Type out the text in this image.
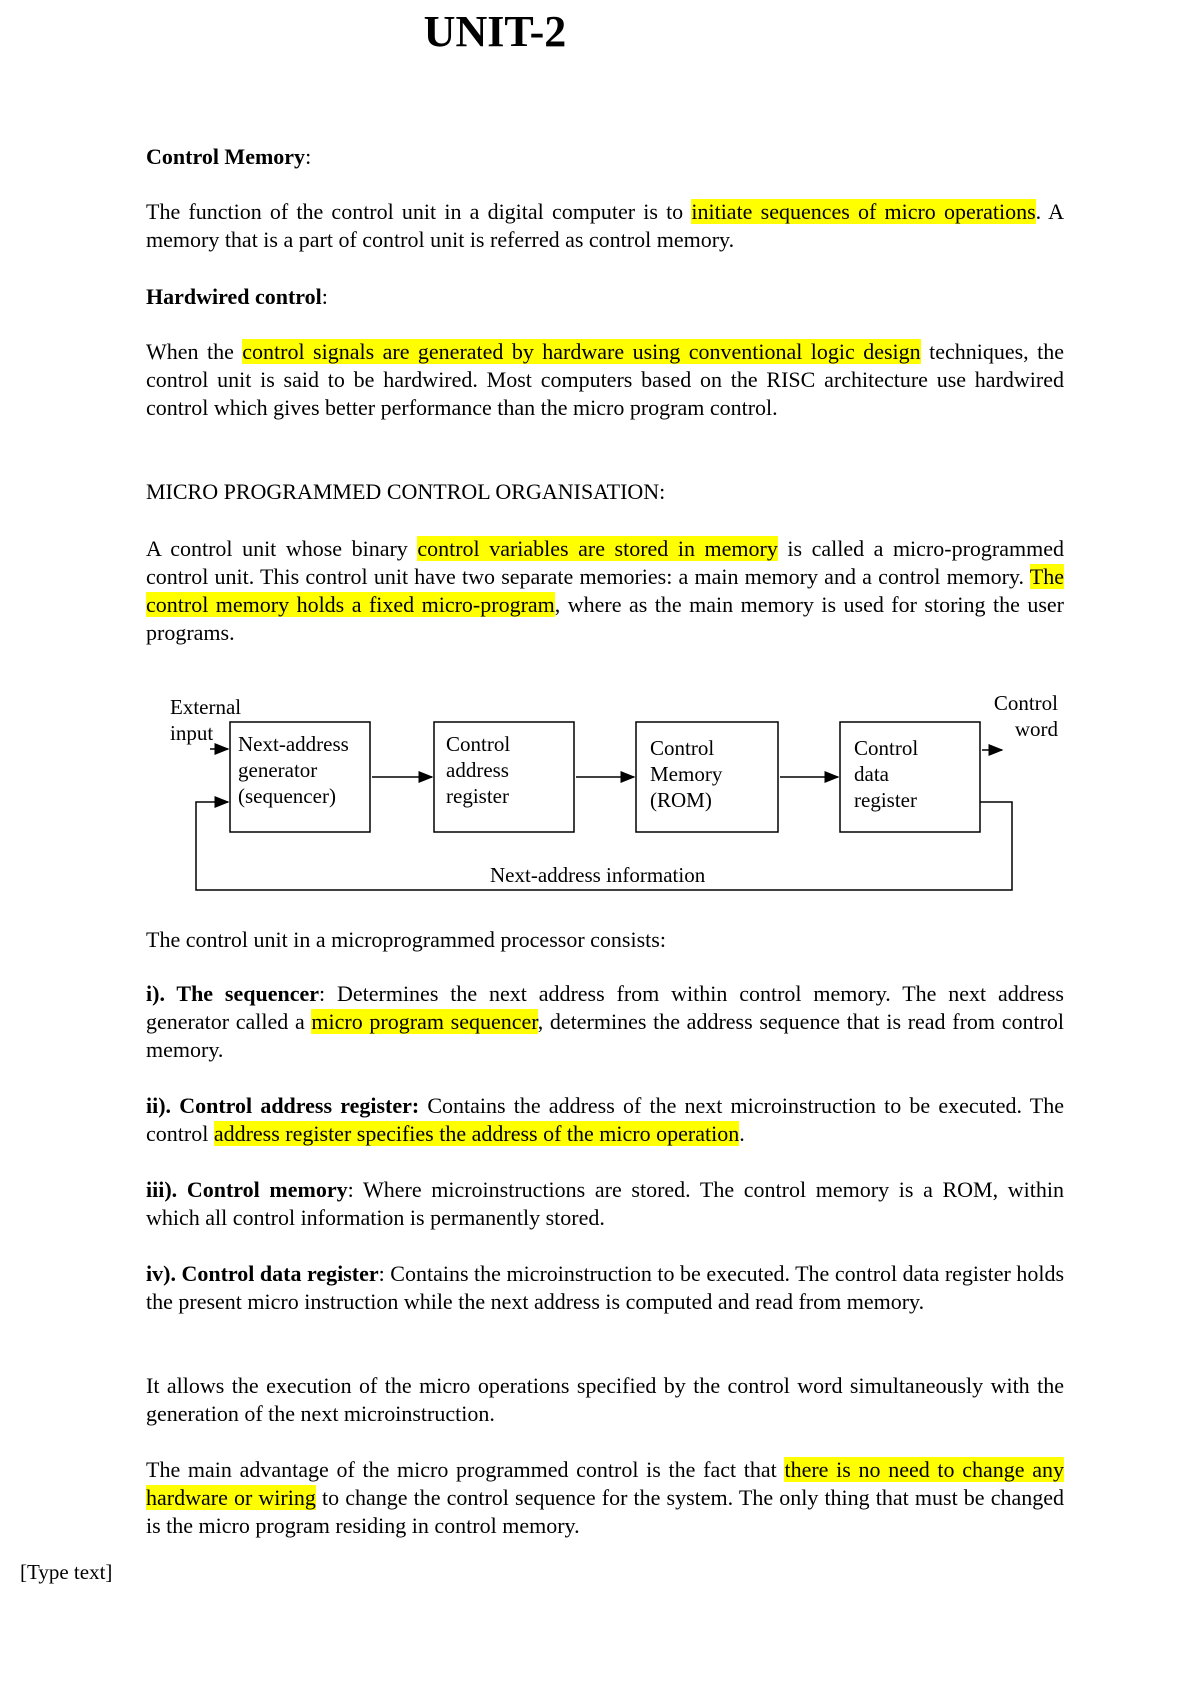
UNIT-2
Control Memory:
The function of the control unit in a digital computer is to initiate sequences of micro operations. A memory that is a part of control unit is referred as control memory.
Hardwired control:
When the control signals are generated by hardware using conventional logic design techniques, the control unit is said to be hardwired. Most computers based on the RISC architecture use hardwired control which gives better performance than the micro program control.
MICRO PROGRAMMED CONTROL ORGANISATION:
A control unit whose binary control variables are stored in memory is called a micro-programmed control unit. This control unit have two separate memories: a main memory and a control memory. The control memory holds a fixed micro-program, where as the main memory is used for storing the user programs.
External input
Control word
Next-address
generator
(sequencer)
Control
address
register
Control
Memory
(ROM)
Control
data
register
Next-address information
The control unit in a microprogrammed processor consists:
i). The sequencer: Determines the next address from within control memory. The next address generator called a micro program sequencer, determines the address sequence that is read from control memory.
ii). Control address register: Contains the address of the next microinstruction to be executed. The control address register specifies the address of the micro operation.
iii). Control memory: Where microinstructions are stored. The control memory is a ROM, within which all control information is permanently stored.
iv). Control data register: Contains the microinstruction to be executed. The control data register holds the present micro instruction while the next address is computed and read from memory.
It allows the execution of the micro operations specified by the control word simultaneously with the generation of the next microinstruction.
The main advantage of the micro programmed control is the fact that there is no need to change any hardware or wiring to change the control sequence for the system. The only thing that must be changed is the micro program residing in control memory.
[Type text]
